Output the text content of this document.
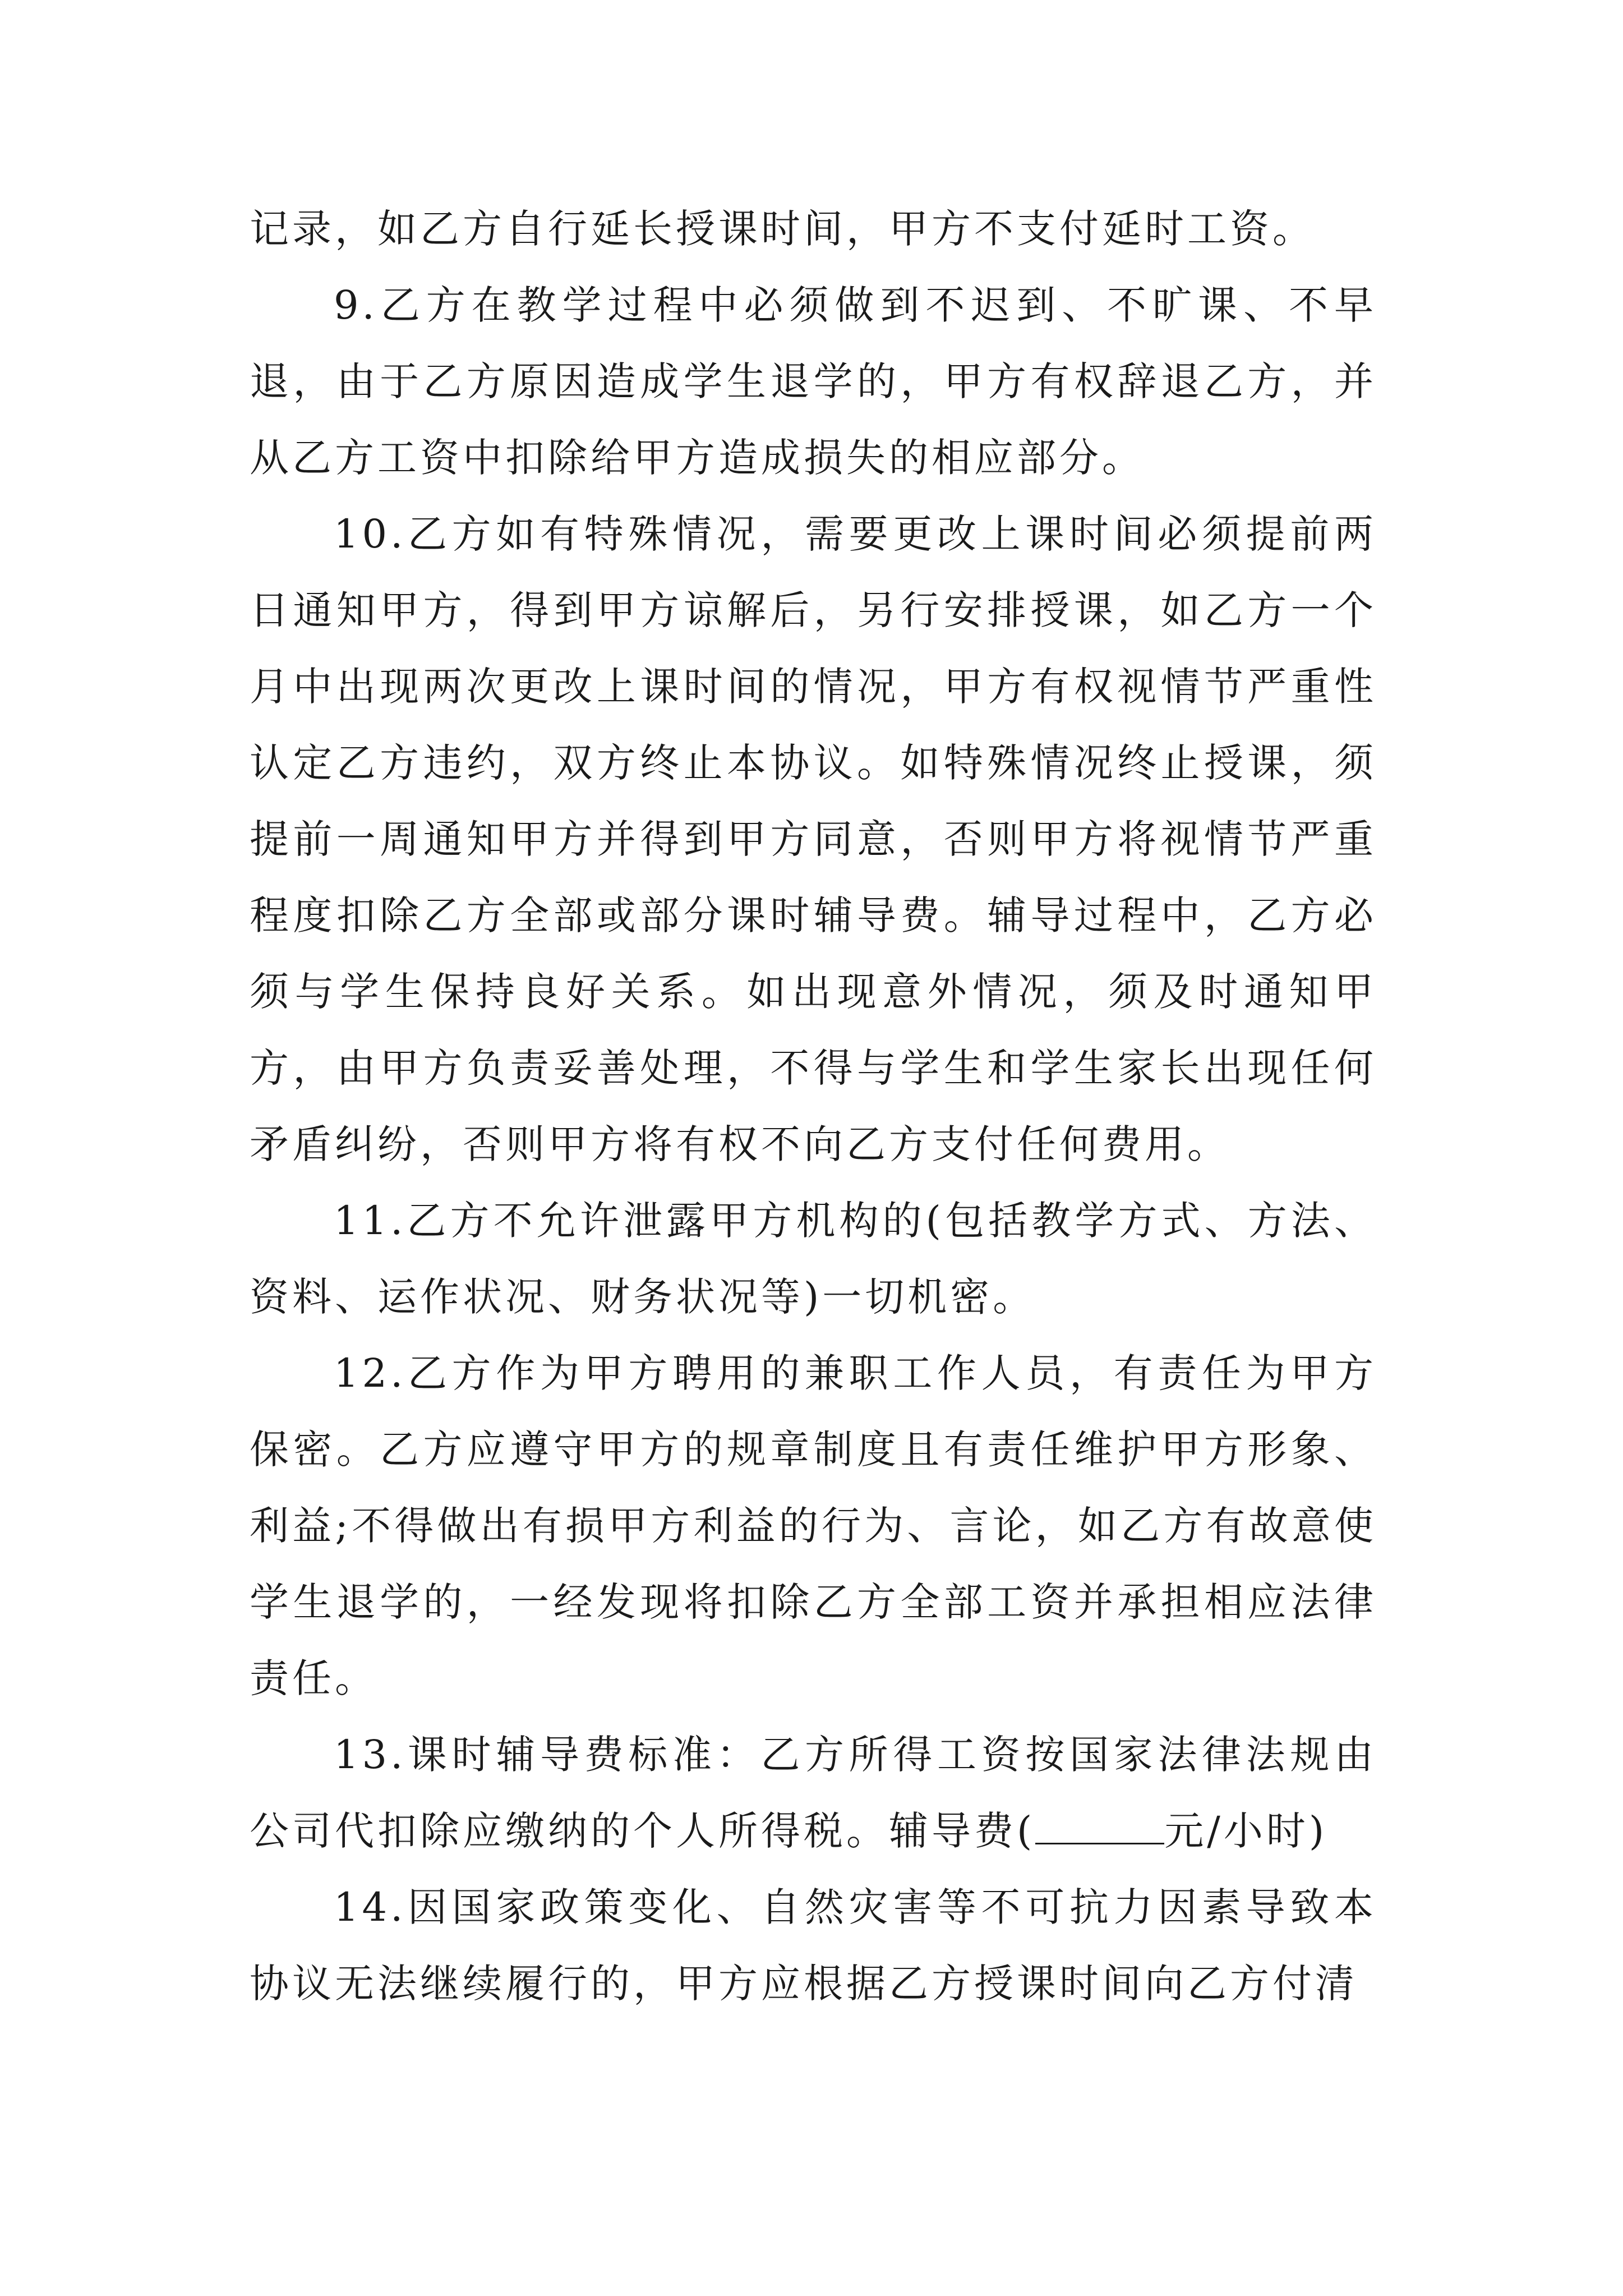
记录，如乙方自行延长授课时间，甲方不支付延时工资。

9.乙方在教学过程中必须做到不迟到、不旷课、不早退，由于乙方原因造成学生退学的，甲方有权辞退乙方，并从乙方工资中扣除给甲方造成损失的相应部分。

10.乙方如有特殊情况，需要更改上课时间必须提前两日通知甲方，得到甲方谅解后，另行安排授课，如乙方一个月中出现两次更改上课时间的情况，甲方有权视情节严重性认定乙方违约，双方终止本协议。如特殊情况终止授课，须提前一周通知甲方并得到甲方同意，否则甲方将视情节严重程度扣除乙方全部或部分课时辅导费。辅导过程中，乙方必须与学生保持良好关系。如出现意外情况，须及时通知甲方，由甲方负责妥善处理，不得与学生和学生家长出现任何矛盾纠纷，否则甲方将有权不向乙方支付任何费用。

11.乙方不允许泄露甲方机构的(包括教学方式、方法、资料、运作状况、财务状况等)一切机密。

12.乙方作为甲方聘用的兼职工作人员，有责任为甲方保密。乙方应遵守甲方的规章制度且有责任维护甲方形象、利益;不得做出有损甲方利益的行为、言论，如乙方有故意使学生退学的，一经发现将扣除乙方全部工资并承担相应法律责任。

13.课时辅导费标准：乙方所得工资按国家法律法规由公司代扣除应缴纳的个人所得税。辅导费(	元/小时)

14.因国家政策变化、自然灾害等不可抗力因素导致本协议无法继续履行的，甲方应根据乙方授课时间向乙方付清
